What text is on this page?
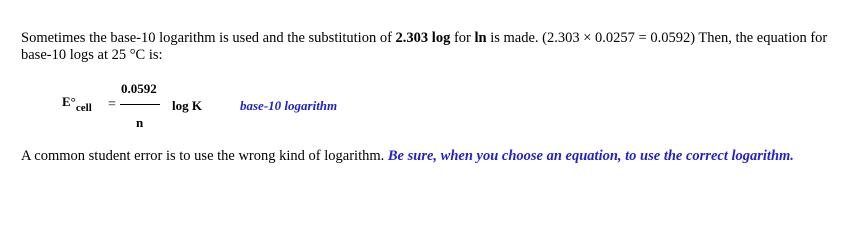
Sometimes the base-10 logarithm is used and the substitution of 2.303 log for ln is made. (2.303 × 0.0257 = 0.0592) Then, the equation for base-10 logs at 25 °C is:
$E^\circ_{cell}$ =
0.0592
n
log K	base-10 logarithm
A common student error is to use the wrong kind of logarithm. Be sure, when you choose an equation, to use the correct logarithm.
